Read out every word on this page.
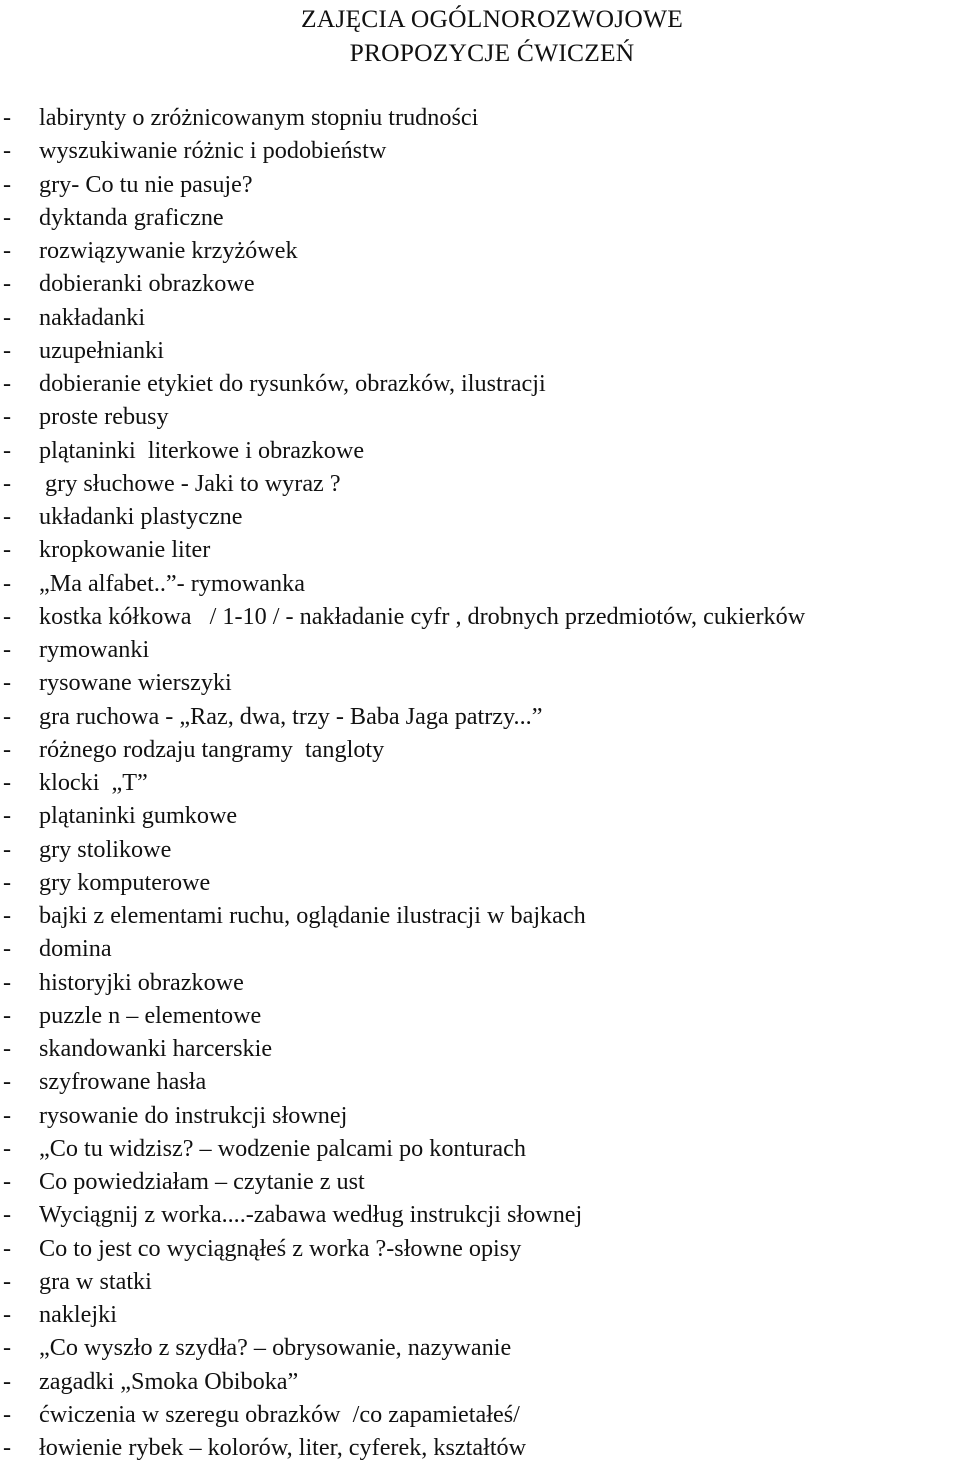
ZAJĘCIA OGÓLNOROZWOJOWE
PROPOZYCJE ĆWICZEŃ
- labirynty o zróżnicowanym stopniu trudności
- wyszukiwanie różnic i podobieństw
- gry- Co tu nie pasuje?
- dyktanda graficzne
- rozwiązywanie krzyżówek
- dobieranki obrazkowe
- nakładanki
- uzupełnianki
- dobieranie etykiet do rysunków, obrazków, ilustracji
- proste rebusy
- plątaninki  literkowe i obrazkowe
- gry słuchowe - Jaki to wyraz ?
- układanki plastyczne
- kropkowanie liter
- „Ma alfabet..”- rymowanka
- kostka kółkowa   / 1-10 / - nakładanie cyfr , drobnych przedmiotów, cukierków
- rymowanki
- rysowane wierszyki
- gra ruchowa - „Raz, dwa, trzy - Baba Jaga patrzy...”
- różnego rodzaju tangramy  tangloty
- klocki  „T”
- plątaninki gumkowe
- gry stolikowe
- gry komputerowe
- bajki z elementami ruchu, oglądanie ilustracji w bajkach
- domina
- historyjki obrazkowe
- puzzle n – elementowe
- skandowanki harcerskie
- szyfrowane hasła
- rysowanie do instrukcji słownej
- „Co tu widzisz? – wodzenie palcami po konturach
- Co powiedziałam – czytanie z ust
- Wyciągnij z worka....-zabawa według instrukcji słownej
- Co to jest co wyciągnąłeś z worka ?-słowne opisy
- gra w statki
- naklejki
- „Co wyszło z szydła? – obrysowanie, nazywanie
- zagadki „Smoka Obiboka”
- ćwiczenia w szeregu obrazków  /co zapamietałeś/
- łowienie rybek – kolorów, liter, cyferek, kształtów
